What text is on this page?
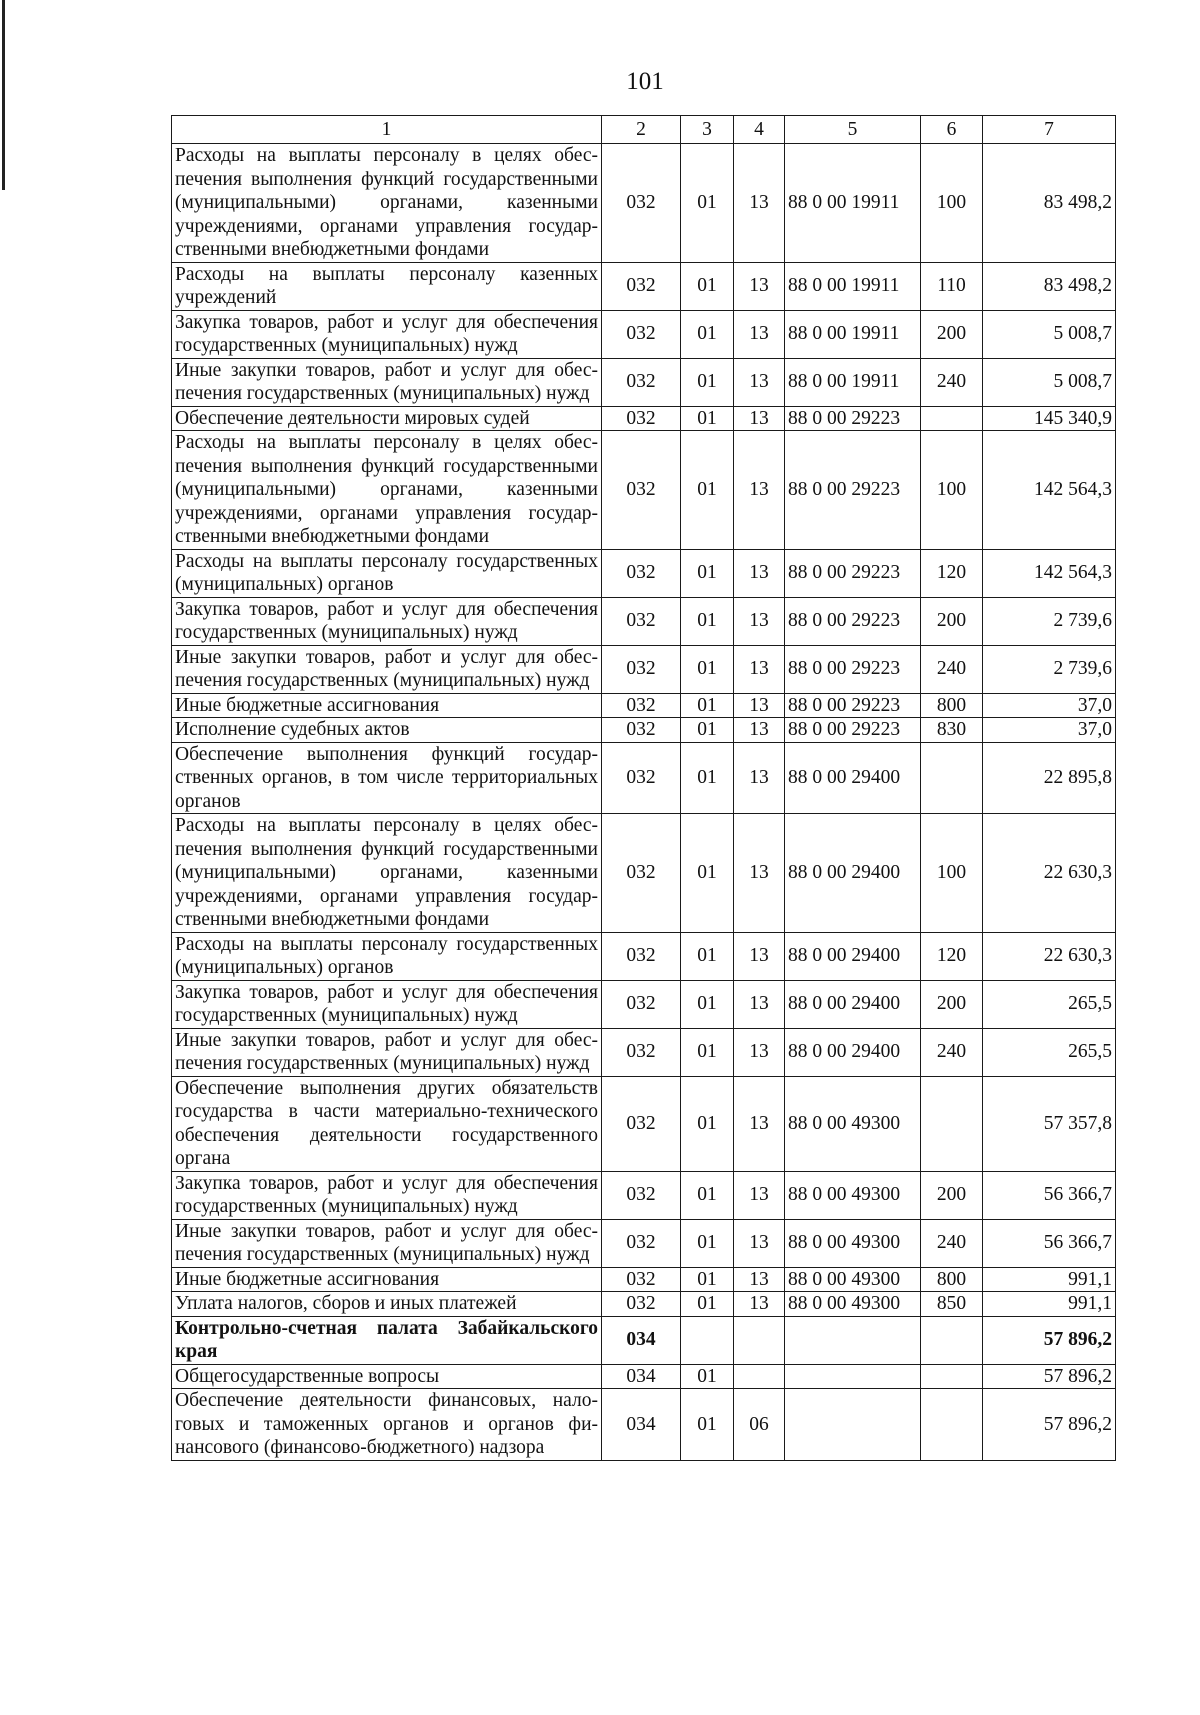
101
1	2	3	4	5	6	7
Расходы на выплаты персоналу в целях обеспечения выполнения функций государственными (муниципальными) органами, казенными учреждениями, органами управления государственными внебюджетными фондами	032	01	13	88 0 00 19911	100	83 498,2
Расходы на выплаты персоналу казенных учреждений	032	01	13	88 0 00 19911	110	83 498,2
Закупка товаров, работ и услуг для обеспечения государственных (муниципальных) нужд	032	01	13	88 0 00 19911	200	5 008,7
Иные закупки товаров, работ и услуг для обеспечения государственных (муниципальных) нужд	032	01	13	88 0 00 19911	240	5 008,7
Обеспечение деятельности мировых судей	032	01	13	88 0 00 29223		145 340,9
Расходы на выплаты персоналу в целях обеспечения выполнения функций государственными (муниципальными) органами, казенными учреждениями, органами управления государственными внебюджетными фондами	032	01	13	88 0 00 29223	100	142 564,3
Расходы на выплаты персоналу государственных (муниципальных) органов	032	01	13	88 0 00 29223	120	142 564,3
Закупка товаров, работ и услуг для обеспечения государственных (муниципальных) нужд	032	01	13	88 0 00 29223	200	2 739,6
Иные закупки товаров, работ и услуг для обеспечения государственных (муниципальных) нужд	032	01	13	88 0 00 29223	240	2 739,6
Иные бюджетные ассигнования	032	01	13	88 0 00 29223	800	37,0
Исполнение судебных актов	032	01	13	88 0 00 29223	830	37,0
Обеспечение выполнения функций государственных органов, в том числе территориальных органов	032	01	13	88 0 00 29400		22 895,8
Расходы на выплаты персоналу в целях обеспечения выполнения функций государственными (муниципальными) органами, казенными учреждениями, органами управления государственными внебюджетными фондами	032	01	13	88 0 00 29400	100	22 630,3
Расходы на выплаты персоналу государственных (муниципальных) органов	032	01	13	88 0 00 29400	120	22 630,3
Закупка товаров, работ и услуг для обеспечения государственных (муниципальных) нужд	032	01	13	88 0 00 29400	200	265,5
Иные закупки товаров, работ и услуг для обеспечения государственных (муниципальных) нужд	032	01	13	88 0 00 29400	240	265,5
Обеспечение выполнения других обязательств государства в части материально-технического обеспечения деятельности государственного органа	032	01	13	88 0 00 49300		57 357,8
Закупка товаров, работ и услуг для обеспечения государственных (муниципальных) нужд	032	01	13	88 0 00 49300	200	56 366,7
Иные закупки товаров, работ и услуг для обеспечения государственных (муниципальных) нужд	032	01	13	88 0 00 49300	240	56 366,7
Иные бюджетные ассигнования	032	01	13	88 0 00 49300	800	991,1
Уплата налогов, сборов и иных платежей	032	01	13	88 0 00 49300	850	991,1
Контрольно-счетная палата Забайкальского края	034					57 896,2
Общегосударственные вопросы	034	01				57 896,2
Обеспечение деятельности финансовых, налоговых и таможенных органов и органов финансового (финансово-бюджетного) надзора	034	01	06			57 896,2
